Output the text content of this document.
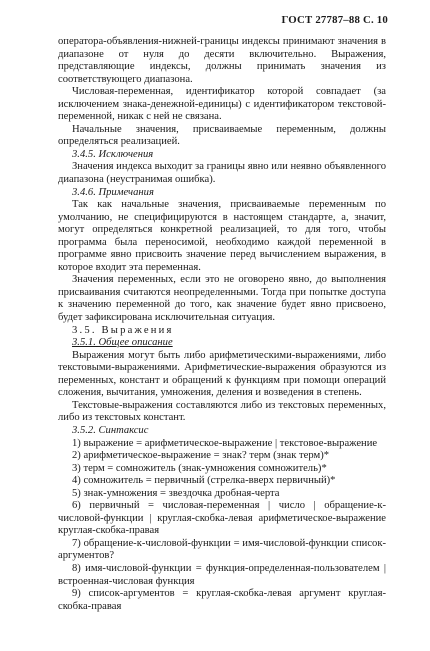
ГОСТ 27787–88 С. 10

операторa-объявления-нижней-границы индексы принимают значения в диапазоне от нуля до десяти включительно. Выражения, представляющие индексы, должны принимать значения из соответствующего диапазона.

Числовая-переменная, идентификатор которой совпадает (за исключением знака-денежной-единицы) с идентификатором текстовой-переменной, никак с ней не связана.

Начальные значения, присваиваемые переменным, должны определяться реализацией.

3.4.5. Исключения

Значения индекса выходит за границы явно или неявно объявленного диапазона (неустранимая ошибка).

3.4.6. Примечания

Так как начальные значения, присваиваемые переменным по умолчанию, не специфицируются в настоящем стандарте, а, значит, могут определяться конкретной реализацией, то для того, чтобы программа была переносимой, необходимо каждой переменной в программе явно присвоить значение перед вычислением выражения, в которое входит эта переменная.

Значения переменных, если это не оговорено явно, до выполнения присваивания считаются неопределенными. Тогда при попытке доступа к значению переменной до того, как значение будет явно присвоено, будет зафиксирована исключительная ситуация.

3.5. Выражения
3.5.1. Общее описание

Выражения могут быть либо арифметическими-выражениями, либо текстовыми-выражениями. Арифметические-выражения образуются из переменных, констант и обращений к функциям при помощи операций сложения, вычитания, умножения, деления и возведения в степень.

Текстовые-выражения составляются либо из текстовых переменных, либо из текстовых констант.

3.5.2. Синтаксис
1) выражение = арифметическое-выражение | текстовое-выражение
2) арифметическое-выражение = знак? терм (знак терм)*
3) терм = сомножитель (знак-умножения сомножитель)*
4) сомножитель = первичный (стрелка-вверх первичный)*
5) знак-умножения = звездочка дробная-черта
6) первичный = числовая-переменная | число | обращение-к-числовой-функции | круглая-скобка-левая арифметическое-выражение круглая-скобка-правая
7) обращение-к-числовой-функции = имя-числовой-функции список-аргументов?
8) имя-числовой-функции = функция-определенная-пользователем | встроенная-числовая функция
9) список-аргументов = круглая-скобка-левая аргумент круглая-скобка-правая
